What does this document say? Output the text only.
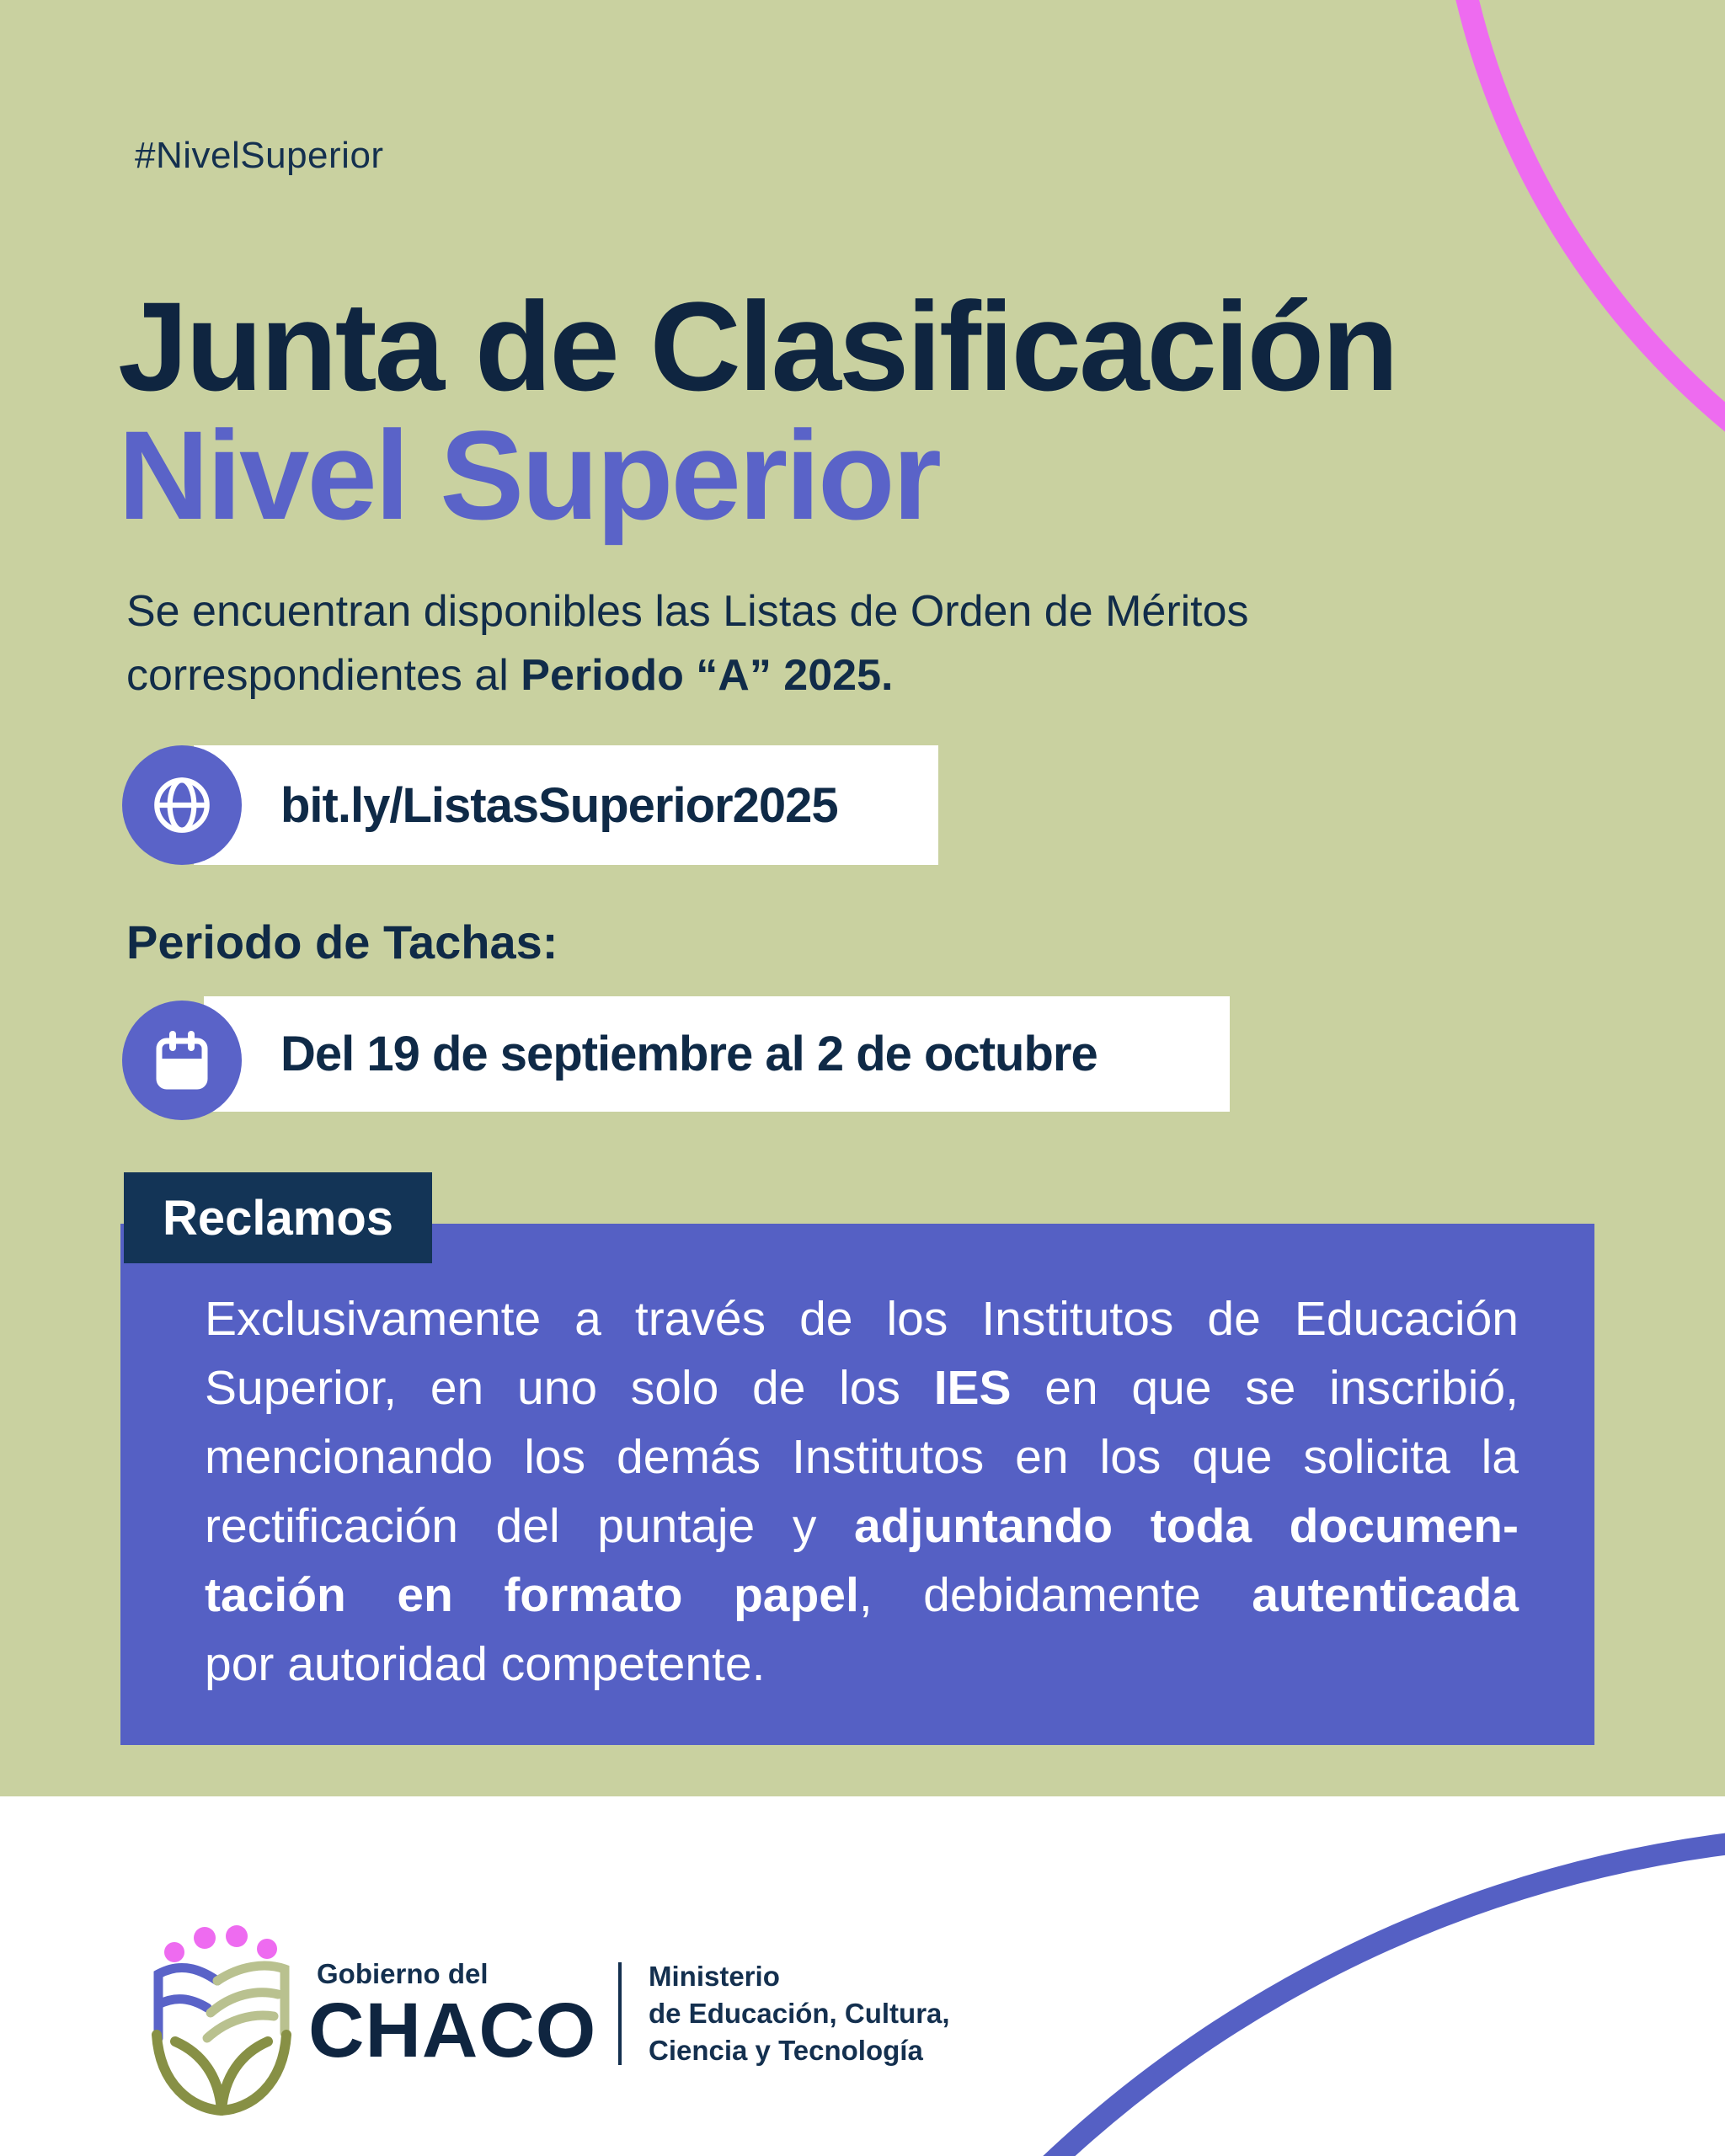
#NivelSuperior
Junta de Clasificación
Nivel Superior
Se encuentran disponibles las Listas de Orden de Méritos
correspondientes al Periodo “A” 2025.
bit.ly/ListasSuperior2025
Periodo de Tachas:
Del 19 de septiembre al 2 de octubre
Reclamos
Exclusivamente a través de los Institutos de Educación
Superior, en uno solo de los IES en que se inscribió,
mencionando los demás Institutos en los que solicita la
rectificación del puntaje y adjuntando toda documen-
tación en formato papel, debidamente autenticada
por autoridad competente.
Gobierno del
CHACO
Ministerio
de Educación, Cultura,
Ciencia y Tecnología
